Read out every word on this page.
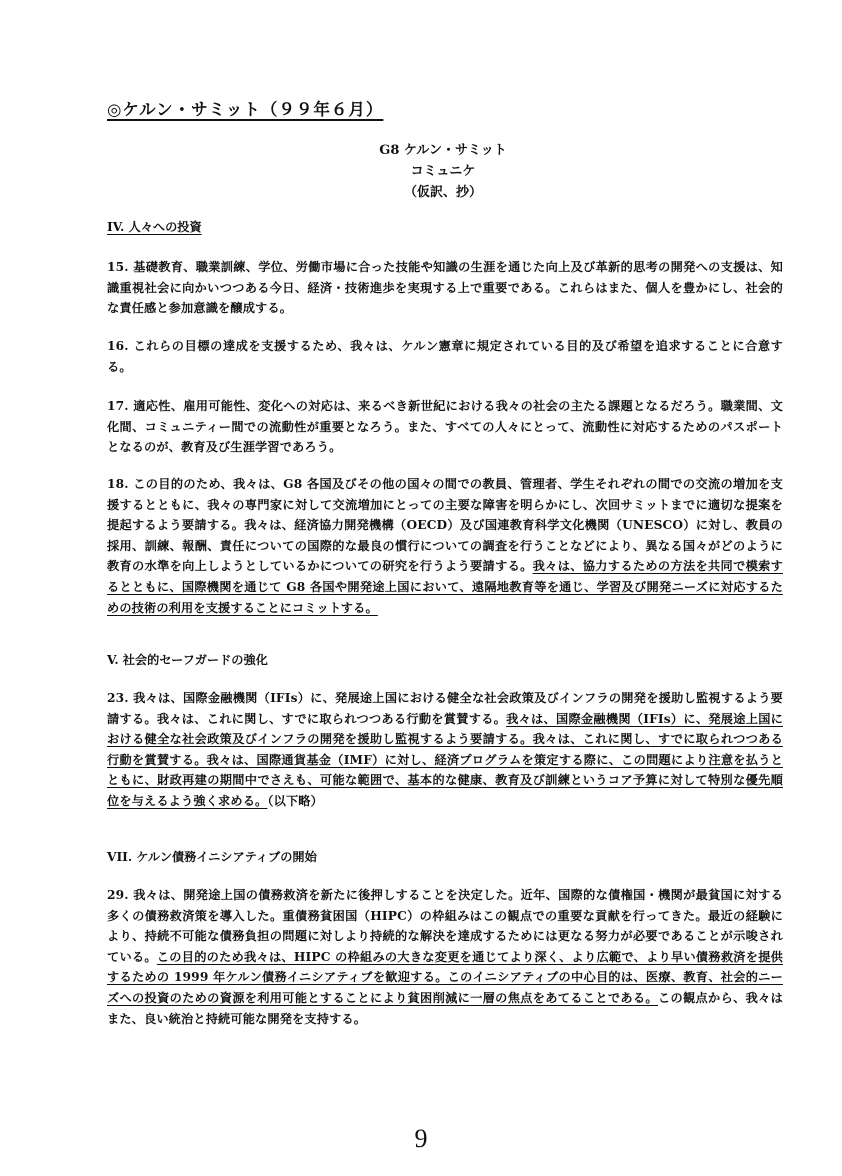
◎ケルン・サミット（９９年６月）
G8 ケルン・サミット
コミュニケ
（仮訳、抄）
IV. 人々への投資
15. 基礎教育、職業訓練、学位、労働市場に合った技能や知識の生涯を通じた向上及び革新的思考の開発への支援は、知識重視社会に向かいつつある今日、経済・技術進歩を実現する上で重要である。これらはまた、個人を豊かにし、社会的な責任感と参加意識を醸成する。
16. これらの目標の達成を支援するため、我々は、ケルン憲章に規定されている目的及び希望を追求することに合意する。
17. 適応性、雇用可能性、変化への対応は、来るべき新世紀における我々の社会の主たる課題となるだろう。職業間、文化間、コミュニティー間での流動性が重要となろう。また、すべての人々にとって、流動性に対応するためのパスポートとなるのが、教育及び生涯学習であろう。
18. この目的のため、我々は、G8 各国及びその他の国々の間での教員、管理者、学生それぞれの間での交流の増加を支援するとともに、我々の専門家に対して交流増加にとっての主要な障害を明らかにし、次回サミットまでに適切な提案を提起するよう要請する。我々は、経済協力開発機構（OECD）及び国連教育科学文化機関（UNESCO）に対し、教員の採用、訓練、報酬、責任についての国際的な最良の慣行についての調査を行うことなどにより、異なる国々がどのように教育の水準を向上しようとしているかについての研究を行うよう要請する。我々は、協力するための方法を共同で模索するとともに、国際機関を通じて G8 各国や開発途上国において、遠隔地教育等を通じ、学習及び開発ニーズに対応するための技術の利用を支援することにコミットする。
V. 社会的セーフガードの強化
23. 我々は、国際金融機関（IFIs）に、発展途上国における健全な社会政策及びインフラの開発を援助し監視するよう要請する。我々は、これに関し、すでに取られつつある行動を賞賛する。我々は、国際金融機関（IFIs）に、発展途上国における健全な社会政策及びインフラの開発を援助し監視するよう要請する。我々は、これに関し、すでに取られつつある行動を賞賛する。我々は、国際通貨基金（IMF）に対し、経済プログラムを策定する際に、この問題により注意を払うとともに、財政再建の期間中でさえも、可能な範囲で、基本的な健康、教育及び訓練というコア予算に対して特別な優先順位を与えるよう強く求める。（以下略）
VII. ケルン債務イニシアティブの開始
29. 我々は、開発途上国の債務救済を新たに後押しすることを決定した。近年、国際的な債権国・機関が最貧国に対する多くの債務救済策を導入した。重債務貧困国（HIPC）の枠組みはこの観点での重要な貢献を行ってきた。最近の経験により、持続不可能な債務負担の問題に対しより持続的な解決を達成するためには更なる努力が必要であることが示唆されている。この目的のため我々は、HIPC の枠組みの大きな変更を通じてより深く、より広範で、より早い債務救済を提供するための 1999 年ケルン債務イニシアティブを歓迎する。このイニシアティブの中心目的は、医療、教育、社会的ニーズへの投資のための資源を利用可能とすることにより貧困削減に一層の焦点をあてることである。この観点から、我々はまた、良い統治と持続可能な開発を支持する。
9
